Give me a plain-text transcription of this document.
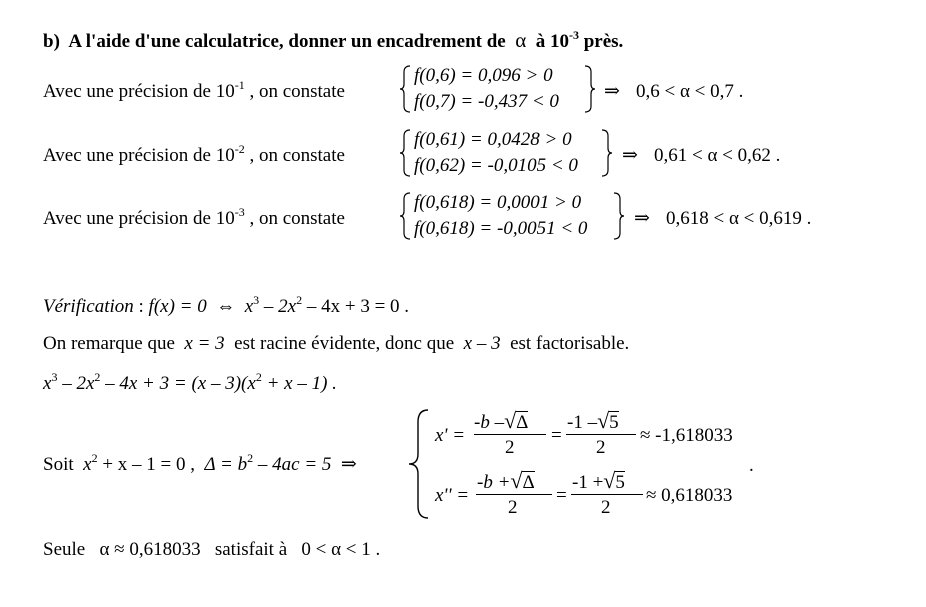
b) A l'aide d'une calculatrice, donner un encadrement de α à $10^{-3}$ près.
Avec une précision de $10^{-1}$ , on constate
f(0,6) = 0,096 > 0
f(0,7) = -0,437 < 0 ⇒ 0,6 < α < 0,7 .
Avec une précision de $10^{-2}$ , on constate
f(0,61) = 0,0428 > 0
f(0,62) = -0,0105 < 0 ⇒ 0,61 < α < 0,62 .
Avec une précision de $10^{-3}$ , on constate
f(0,618) = 0,0001 > 0
f(0,618) = -0,0051 < 0 ⇒ 0,618 < α < 0,619 .
Vérification : f(x) = 0 ⇔ $x^3 - 2x^2 - 4x + 3 = 0$ .
On remarque que x = 3 est racine évidente, donc que x – 3 est factorisable.
$x^3 - 2x^2 - 4x + 3 = (x - 3)(x^2 + x - 1)$ .
Soit $x^2 + x - 1 = 0$ , $\Delta = b^2 - 4ac = 5$ ⇒
x' =
-b –√Δ
2
=
-1 –√5
2
≈ -1,618033
x'' =
-b +√Δ
2
=
-1 +√5
2
≈ 0,618033
.
Seule α ≈ 0,618033 satisfait à 0 < α < 1 .
